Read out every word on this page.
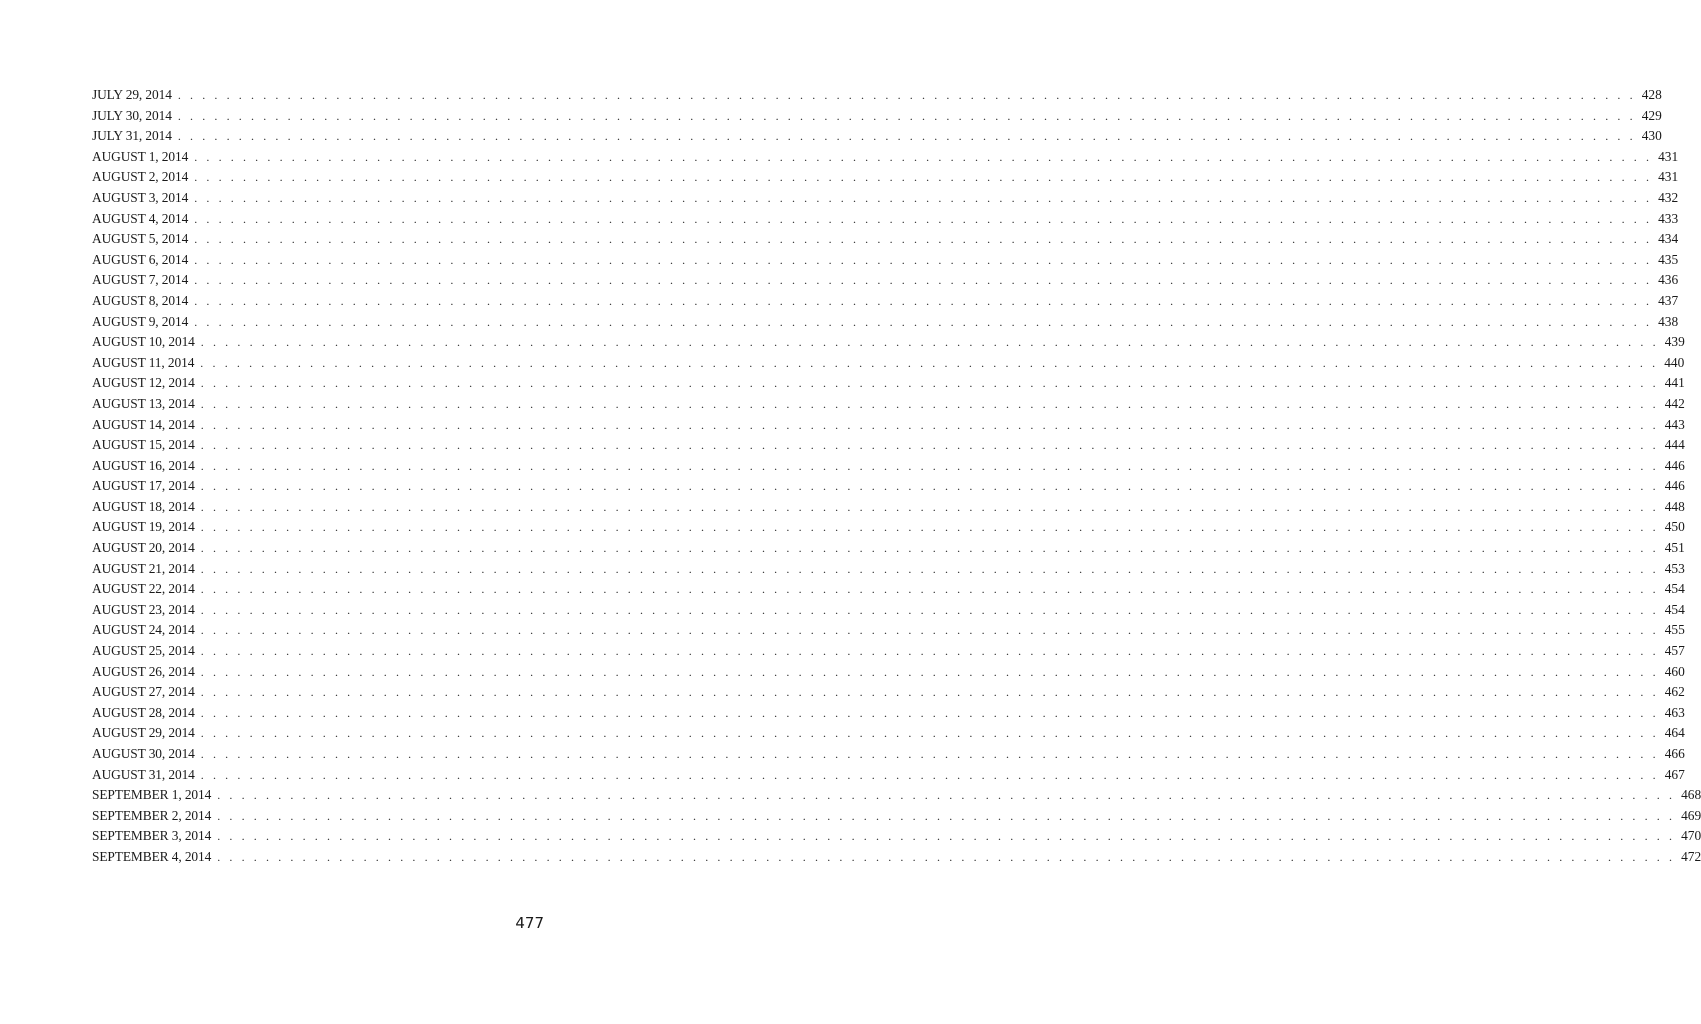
JULY 29, 2014 . . . . . . . . . . . . . . . . . . . . . . . . . . . . . . . . . . . . . . . . . . . . . . . . . . . . . . . . . . . . . . . . . . . . . . . . . . . . . . . . . . . . . . . . . . . . . . . . . . . . . . . . . . . . . . . . . . . . . . . . 428
JULY 30, 2014 . . . . . . . . . . . . . . . . . . . . . . . . . . . . . . . . . . . . . . . . . . . . . . . . . . . . . . . . . . . . . . . . . . . . . . . . . . . . . . . . . . . . . . . . . . . . . . . . . . . . . . . . . . . . . . . . . . . . . . . . 429
JULY 31, 2014 . . . . . . . . . . . . . . . . . . . . . . . . . . . . . . . . . . . . . . . . . . . . . . . . . . . . . . . . . . . . . . . . . . . . . . . . . . . . . . . . . . . . . . . . . . . . . . . . . . . . . . . . . . . . . . . . . . . . . . . . 430
AUGUST 1, 2014 . . . . . . . . . . . . . . . . . . . . . . . . . . . . . . . . . . . . . . . . . . . . . . . . . . . . . . . . . . . . . . . . . . . . . . . . . . . . . . . . . . . . . . . . . . . . . . . . . . . . . . . . . . . . . . . . . . . . . . . . 431
AUGUST 2, 2014 . . . . . . . . . . . . . . . . . . . . . . . . . . . . . . . . . . . . . . . . . . . . . . . . . . . . . . . . . . . . . . . . . . . . . . . . . . . . . . . . . . . . . . . . . . . . . . . . . . . . . . . . . . . . . . . . . . . . . . . . 431
AUGUST 3, 2014 . . . . . . . . . . . . . . . . . . . . . . . . . . . . . . . . . . . . . . . . . . . . . . . . . . . . . . . . . . . . . . . . . . . . . . . . . . . . . . . . . . . . . . . . . . . . . . . . . . . . . . . . . . . . . . . . . . . . . . . . 432
AUGUST 4, 2014 . . . . . . . . . . . . . . . . . . . . . . . . . . . . . . . . . . . . . . . . . . . . . . . . . . . . . . . . . . . . . . . . . . . . . . . . . . . . . . . . . . . . . . . . . . . . . . . . . . . . . . . . . . . . . . . . . . . . . . . . 433
AUGUST 5, 2014 . . . . . . . . . . . . . . . . . . . . . . . . . . . . . . . . . . . . . . . . . . . . . . . . . . . . . . . . . . . . . . . . . . . . . . . . . . . . . . . . . . . . . . . . . . . . . . . . . . . . . . . . . . . . . . . . . . . . . . . . 434
AUGUST 6, 2014 . . . . . . . . . . . . . . . . . . . . . . . . . . . . . . . . . . . . . . . . . . . . . . . . . . . . . . . . . . . . . . . . . . . . . . . . . . . . . . . . . . . . . . . . . . . . . . . . . . . . . . . . . . . . . . . . . . . . . . . . 435
AUGUST 7, 2014 . . . . . . . . . . . . . . . . . . . . . . . . . . . . . . . . . . . . . . . . . . . . . . . . . . . . . . . . . . . . . . . . . . . . . . . . . . . . . . . . . . . . . . . . . . . . . . . . . . . . . . . . . . . . . . . . . . . . . . . . 436
AUGUST 8, 2014 . . . . . . . . . . . . . . . . . . . . . . . . . . . . . . . . . . . . . . . . . . . . . . . . . . . . . . . . . . . . . . . . . . . . . . . . . . . . . . . . . . . . . . . . . . . . . . . . . . . . . . . . . . . . . . . . . . . . . . . . 437
AUGUST 9, 2014 . . . . . . . . . . . . . . . . . . . . . . . . . . . . . . . . . . . . . . . . . . . . . . . . . . . . . . . . . . . . . . . . . . . . . . . . . . . . . . . . . . . . . . . . . . . . . . . . . . . . . . . . . . . . . . . . . . . . . . . . 438
AUGUST 10, 2014 . . . . . . . . . . . . . . . . . . . . . . . . . . . . . . . . . . . . . . . . . . . . . . . . . . . . . . . . . . . . . . . . . . . . . . . . . . . . . . . . . . . . . . . . . . . . . . . . . . . . . . . . . . . . . . . . . . . . . . . . 439
AUGUST 11, 2014 . . . . . . . . . . . . . . . . . . . . . . . . . . . . . . . . . . . . . . . . . . . . . . . . . . . . . . . . . . . . . . . . . . . . . . . . . . . . . . . . . . . . . . . . . . . . . . . . . . . . . . . . . . . . . . . . . . . . . . . . 440
AUGUST 12, 2014 . . . . . . . . . . . . . . . . . . . . . . . . . . . . . . . . . . . . . . . . . . . . . . . . . . . . . . . . . . . . . . . . . . . . . . . . . . . . . . . . . . . . . . . . . . . . . . . . . . . . . . . . . . . . . . . . . . . . . . . . 441
AUGUST 13, 2014 . . . . . . . . . . . . . . . . . . . . . . . . . . . . . . . . . . . . . . . . . . . . . . . . . . . . . . . . . . . . . . . . . . . . . . . . . . . . . . . . . . . . . . . . . . . . . . . . . . . . . . . . . . . . . . . . . . . . . . . . 442
AUGUST 14, 2014 . . . . . . . . . . . . . . . . . . . . . . . . . . . . . . . . . . . . . . . . . . . . . . . . . . . . . . . . . . . . . . . . . . . . . . . . . . . . . . . . . . . . . . . . . . . . . . . . . . . . . . . . . . . . . . . . . . . . . . . . 443
AUGUST 15, 2014 . . . . . . . . . . . . . . . . . . . . . . . . . . . . . . . . . . . . . . . . . . . . . . . . . . . . . . . . . . . . . . . . . . . . . . . . . . . . . . . . . . . . . . . . . . . . . . . . . . . . . . . . . . . . . . . . . . . . . . . . 444
AUGUST 16, 2014 . . . . . . . . . . . . . . . . . . . . . . . . . . . . . . . . . . . . . . . . . . . . . . . . . . . . . . . . . . . . . . . . . . . . . . . . . . . . . . . . . . . . . . . . . . . . . . . . . . . . . . . . . . . . . . . . . . . . . . . . 446
AUGUST 17, 2014 . . . . . . . . . . . . . . . . . . . . . . . . . . . . . . . . . . . . . . . . . . . . . . . . . . . . . . . . . . . . . . . . . . . . . . . . . . . . . . . . . . . . . . . . . . . . . . . . . . . . . . . . . . . . . . . . . . . . . . . . 446
AUGUST 18, 2014 . . . . . . . . . . . . . . . . . . . . . . . . . . . . . . . . . . . . . . . . . . . . . . . . . . . . . . . . . . . . . . . . . . . . . . . . . . . . . . . . . . . . . . . . . . . . . . . . . . . . . . . . . . . . . . . . . . . . . . . . 448
AUGUST 19, 2014 . . . . . . . . . . . . . . . . . . . . . . . . . . . . . . . . . . . . . . . . . . . . . . . . . . . . . . . . . . . . . . . . . . . . . . . . . . . . . . . . . . . . . . . . . . . . . . . . . . . . . . . . . . . . . . . . . . . . . . . . 450
AUGUST 20, 2014 . . . . . . . . . . . . . . . . . . . . . . . . . . . . . . . . . . . . . . . . . . . . . . . . . . . . . . . . . . . . . . . . . . . . . . . . . . . . . . . . . . . . . . . . . . . . . . . . . . . . . . . . . . . . . . . . . . . . . . . . 451
AUGUST 21, 2014 . . . . . . . . . . . . . . . . . . . . . . . . . . . . . . . . . . . . . . . . . . . . . . . . . . . . . . . . . . . . . . . . . . . . . . . . . . . . . . . . . . . . . . . . . . . . . . . . . . . . . . . . . . . . . . . . . . . . . . . . 453
AUGUST 22, 2014 . . . . . . . . . . . . . . . . . . . . . . . . . . . . . . . . . . . . . . . . . . . . . . . . . . . . . . . . . . . . . . . . . . . . . . . . . . . . . . . . . . . . . . . . . . . . . . . . . . . . . . . . . . . . . . . . . . . . . . . . 454
AUGUST 23, 2014 . . . . . . . . . . . . . . . . . . . . . . . . . . . . . . . . . . . . . . . . . . . . . . . . . . . . . . . . . . . . . . . . . . . . . . . . . . . . . . . . . . . . . . . . . . . . . . . . . . . . . . . . . . . . . . . . . . . . . . . . 454
AUGUST 24, 2014 . . . . . . . . . . . . . . . . . . . . . . . . . . . . . . . . . . . . . . . . . . . . . . . . . . . . . . . . . . . . . . . . . . . . . . . . . . . . . . . . . . . . . . . . . . . . . . . . . . . . . . . . . . . . . . . . . . . . . . . . 455
AUGUST 25, 2014 . . . . . . . . . . . . . . . . . . . . . . . . . . . . . . . . . . . . . . . . . . . . . . . . . . . . . . . . . . . . . . . . . . . . . . . . . . . . . . . . . . . . . . . . . . . . . . . . . . . . . . . . . . . . . . . . . . . . . . . . 457
AUGUST 26, 2014 . . . . . . . . . . . . . . . . . . . . . . . . . . . . . . . . . . . . . . . . . . . . . . . . . . . . . . . . . . . . . . . . . . . . . . . . . . . . . . . . . . . . . . . . . . . . . . . . . . . . . . . . . . . . . . . . . . . . . . . . 460
AUGUST 27, 2014 . . . . . . . . . . . . . . . . . . . . . . . . . . . . . . . . . . . . . . . . . . . . . . . . . . . . . . . . . . . . . . . . . . . . . . . . . . . . . . . . . . . . . . . . . . . . . . . . . . . . . . . . . . . . . . . . . . . . . . . . 462
AUGUST 28, 2014 . . . . . . . . . . . . . . . . . . . . . . . . . . . . . . . . . . . . . . . . . . . . . . . . . . . . . . . . . . . . . . . . . . . . . . . . . . . . . . . . . . . . . . . . . . . . . . . . . . . . . . . . . . . . . . . . . . . . . . . . 463
AUGUST 29, 2014 . . . . . . . . . . . . . . . . . . . . . . . . . . . . . . . . . . . . . . . . . . . . . . . . . . . . . . . . . . . . . . . . . . . . . . . . . . . . . . . . . . . . . . . . . . . . . . . . . . . . . . . . . . . . . . . . . . . . . . . . 464
AUGUST 30, 2014 . . . . . . . . . . . . . . . . . . . . . . . . . . . . . . . . . . . . . . . . . . . . . . . . . . . . . . . . . . . . . . . . . . . . . . . . . . . . . . . . . . . . . . . . . . . . . . . . . . . . . . . . . . . . . . . . . . . . . . . . 466
AUGUST 31, 2014 . . . . . . . . . . . . . . . . . . . . . . . . . . . . . . . . . . . . . . . . . . . . . . . . . . . . . . . . . . . . . . . . . . . . . . . . . . . . . . . . . . . . . . . . . . . . . . . . . . . . . . . . . . . . . . . . . . . . . . . . 467
SEPTEMBER 1, 2014 . . . . . . . . . . . . . . . . . . . . . . . . . . . . . . . . . . . . . . . . . . . . . . . . . . . . . . . . . . . . . . . . . . . . . . . . . . . . . . . . . . . . . . . . . . . . . . . . . . . . . . . . . . . . . . . . . . . . . . . . 468
SEPTEMBER 2, 2014 . . . . . . . . . . . . . . . . . . . . . . . . . . . . . . . . . . . . . . . . . . . . . . . . . . . . . . . . . . . . . . . . . . . . . . . . . . . . . . . . . . . . . . . . . . . . . . . . . . . . . . . . . . . . . . . . . . . . . . . . 469
SEPTEMBER 3, 2014 . . . . . . . . . . . . . . . . . . . . . . . . . . . . . . . . . . . . . . . . . . . . . . . . . . . . . . . . . . . . . . . . . . . . . . . . . . . . . . . . . . . . . . . . . . . . . . . . . . . . . . . . . . . . . . . . . . . . . . . . 470
SEPTEMBER 4, 2014 . . . . . . . . . . . . . . . . . . . . . . . . . . . . . . . . . . . . . . . . . . . . . . . . . . . . . . . . . . . . . . . . . . . . . . . . . . . . . . . . . . . . . . . . . . . . . . . . . . . . . . . . . . . . . . . . . . . . . . . . 472
477
